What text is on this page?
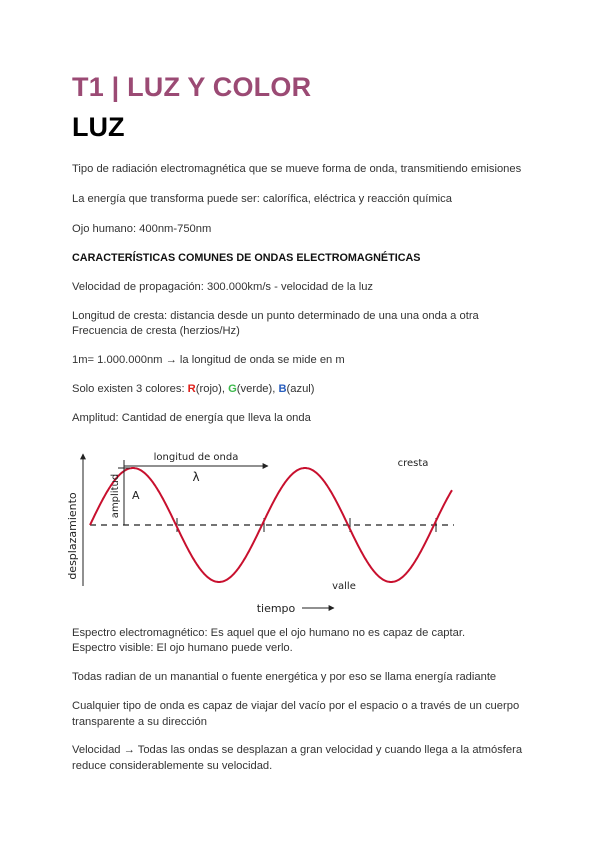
T1 | LUZ Y COLOR
LUZ

Tipo de radiación electromagnética que se mueve forma de onda, transmitiendo emisiones

La energía que transforma puede ser: calorífica, eléctrica y reacción química

Ojo humano: 400nm-750nm

CARACTERÍSTICAS COMUNES DE ONDAS ELECTROMAGNÉTICAS

Velocidad de propagación: 300.000km/s - velocidad de la luz

Longitud de cresta: distancia desde un punto determinado de una una onda a otra

Frecuencia de cresta (herzios/Hz)

1m= 1.000.000nm → la longitud de onda se mide en m

Solo existen 3 colores: R(rojo), G(verde), B(azul)

Amplitud: Cantidad de energía que lleva la onda

longitud de onda
λ
amplitud A
cresta
valle
desplazamiento
tiempo

Espectro electromagnético: Es aquel que el ojo humano no es capaz de captar.

Espectro visible: El ojo humano puede verlo.

Todas radian de un manantial o fuente energética y por eso se llama energía radiante

Cualquier tipo de onda es capaz de viajar del vacío por el espacio o a través de un cuerpo transparente a su dirección

Velocidad → Todas las ondas se desplazan a gran velocidad y cuando llega a la atmósfera reduce considerablemente su velocidad.
